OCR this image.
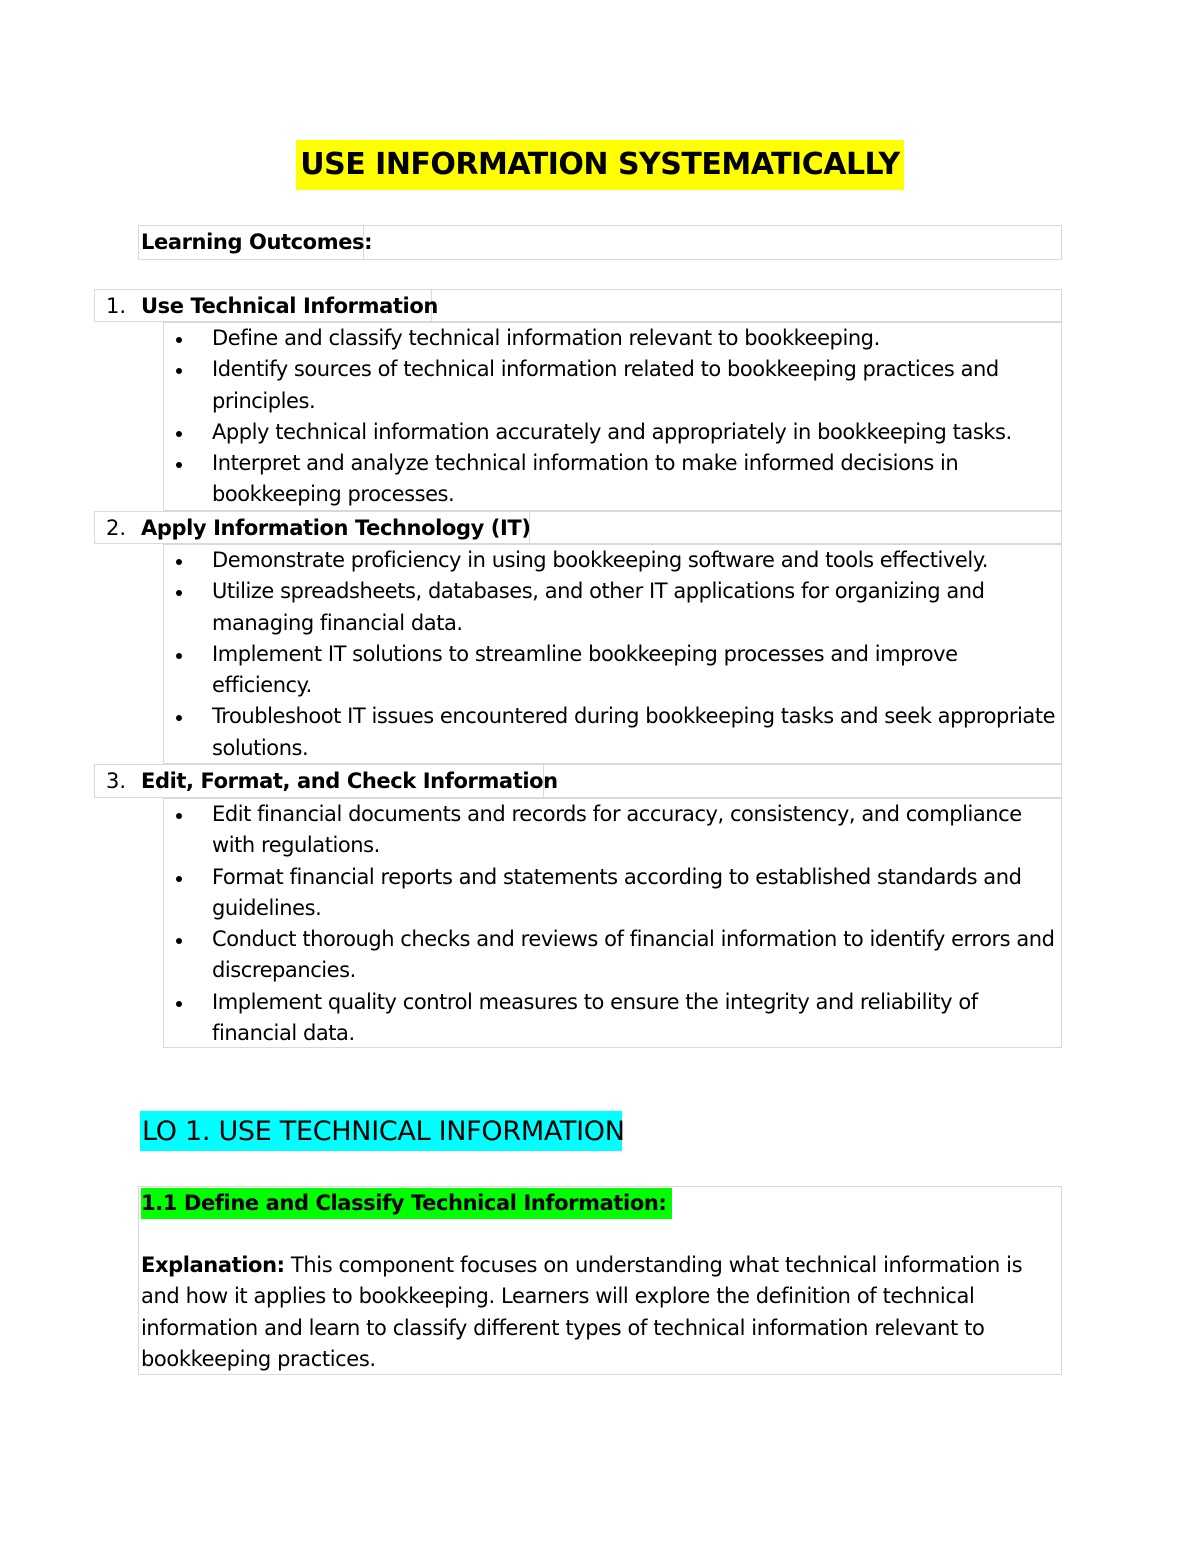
USE INFORMATION SYSTEMATICALLY
Learning Outcomes:
1. Use Technical Information
Define and classify technical information relevant to bookkeeping.
Identify sources of technical information related to bookkeeping practices and principles.
Apply technical information accurately and appropriately in bookkeeping tasks.
Interpret and analyze technical information to make informed decisions in bookkeeping processes.
2. Apply Information Technology (IT)
Demonstrate proficiency in using bookkeeping software and tools effectively.
Utilize spreadsheets, databases, and other IT applications for organizing and managing financial data.
Implement IT solutions to streamline bookkeeping processes and improve efficiency.
Troubleshoot IT issues encountered during bookkeeping tasks and seek appropriate solutions.
3. Edit, Format, and Check Information
Edit financial documents and records for accuracy, consistency, and compliance with regulations.
Format financial reports and statements according to established standards and guidelines.
Conduct thorough checks and reviews of financial information to identify errors and discrepancies.
Implement quality control measures to ensure the integrity and reliability of financial data.
LO 1. USE TECHNICAL INFORMATION
1.1 Define and Classify Technical Information:
Explanation: This component focuses on understanding what technical information is and how it applies to bookkeeping. Learners will explore the definition of technical information and learn to classify different types of technical information relevant to bookkeeping practices.
